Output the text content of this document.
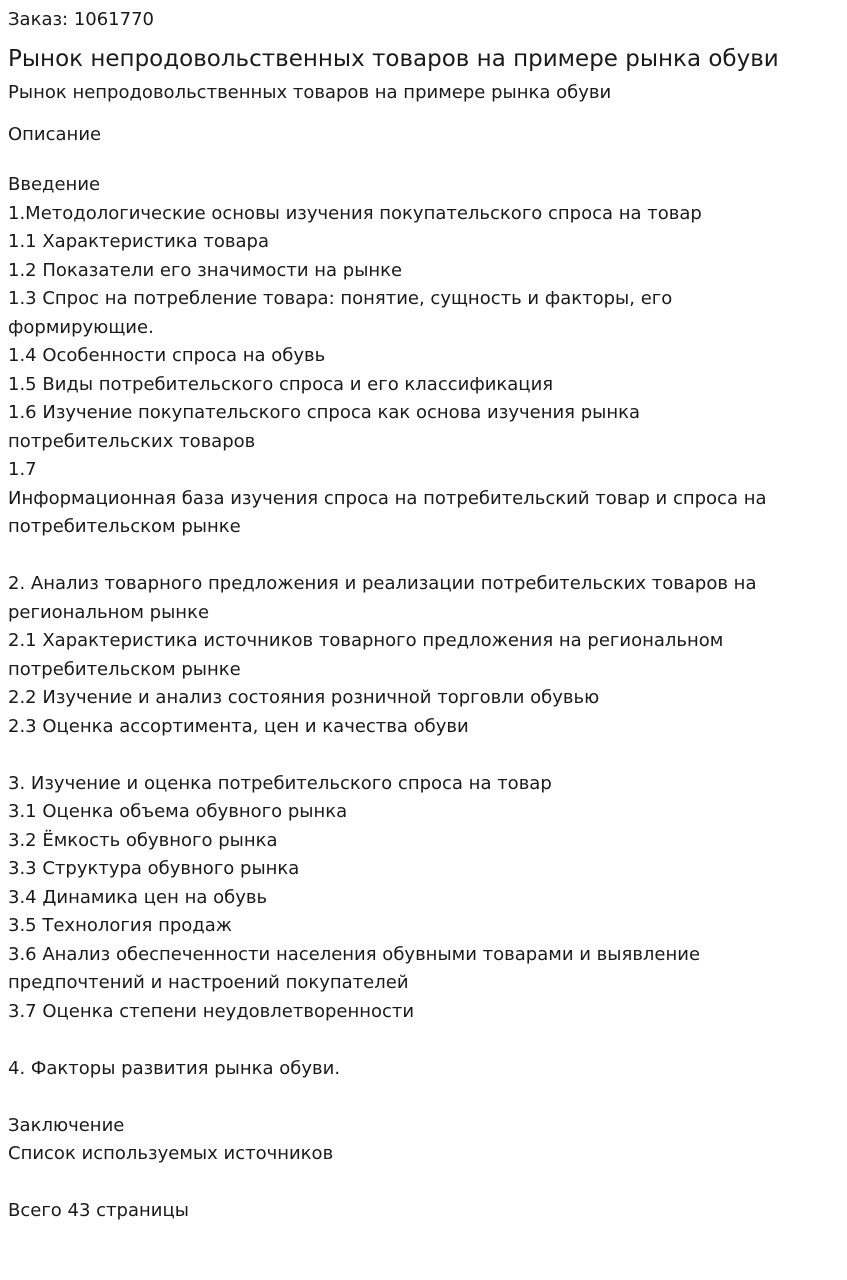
Заказ: 1061770

Рынок непродовольственных товаров на примере рынка обуви

Рынок непродовольственных товаров на примере рынка обуви

Описание

Введение
1.Методологические основы изучения покупательского спроса на товар
1.1 Характеристика товара
1.2 Показатели его значимости на рынке
1.3 Спрос на потребление товара: понятие, сущность и факторы, его
формирующие.
1.4 Особенности спроса на обувь
1.5 Виды потребительского спроса и его классификация
1.6 Изучение покупательского спроса как основа изучения рынка
потребительских товаров
1.7
Информационная база изучения спроса на потребительский товар и спроса на
потребительском рынке
2. Анализ товарного предложения и реализации потребительских товаров на
региональном рынке
2.1 Характеристика источников товарного предложения на региональном
потребительском рынке
2.2 Изучение и анализ состояния розничной торговли обувью
2.3 Оценка ассортимента, цен и качества обуви
3. Изучение и оценка потребительского спроса на товар
3.1 Оценка объема обувного рынка
3.2 Ёмкость обувного рынка
3.3 Структура обувного рынка
3.4 Динамика цен на обувь
3.5 Технология продаж
3.6 Анализ обеспеченности населения обувными товарами и выявление
предпочтений и настроений покупателей
3.7 Оценка степени неудовлетворенности
4. Факторы развития рынка обуви.
Заключение
Список используемых источников
Всего 43 страницы
